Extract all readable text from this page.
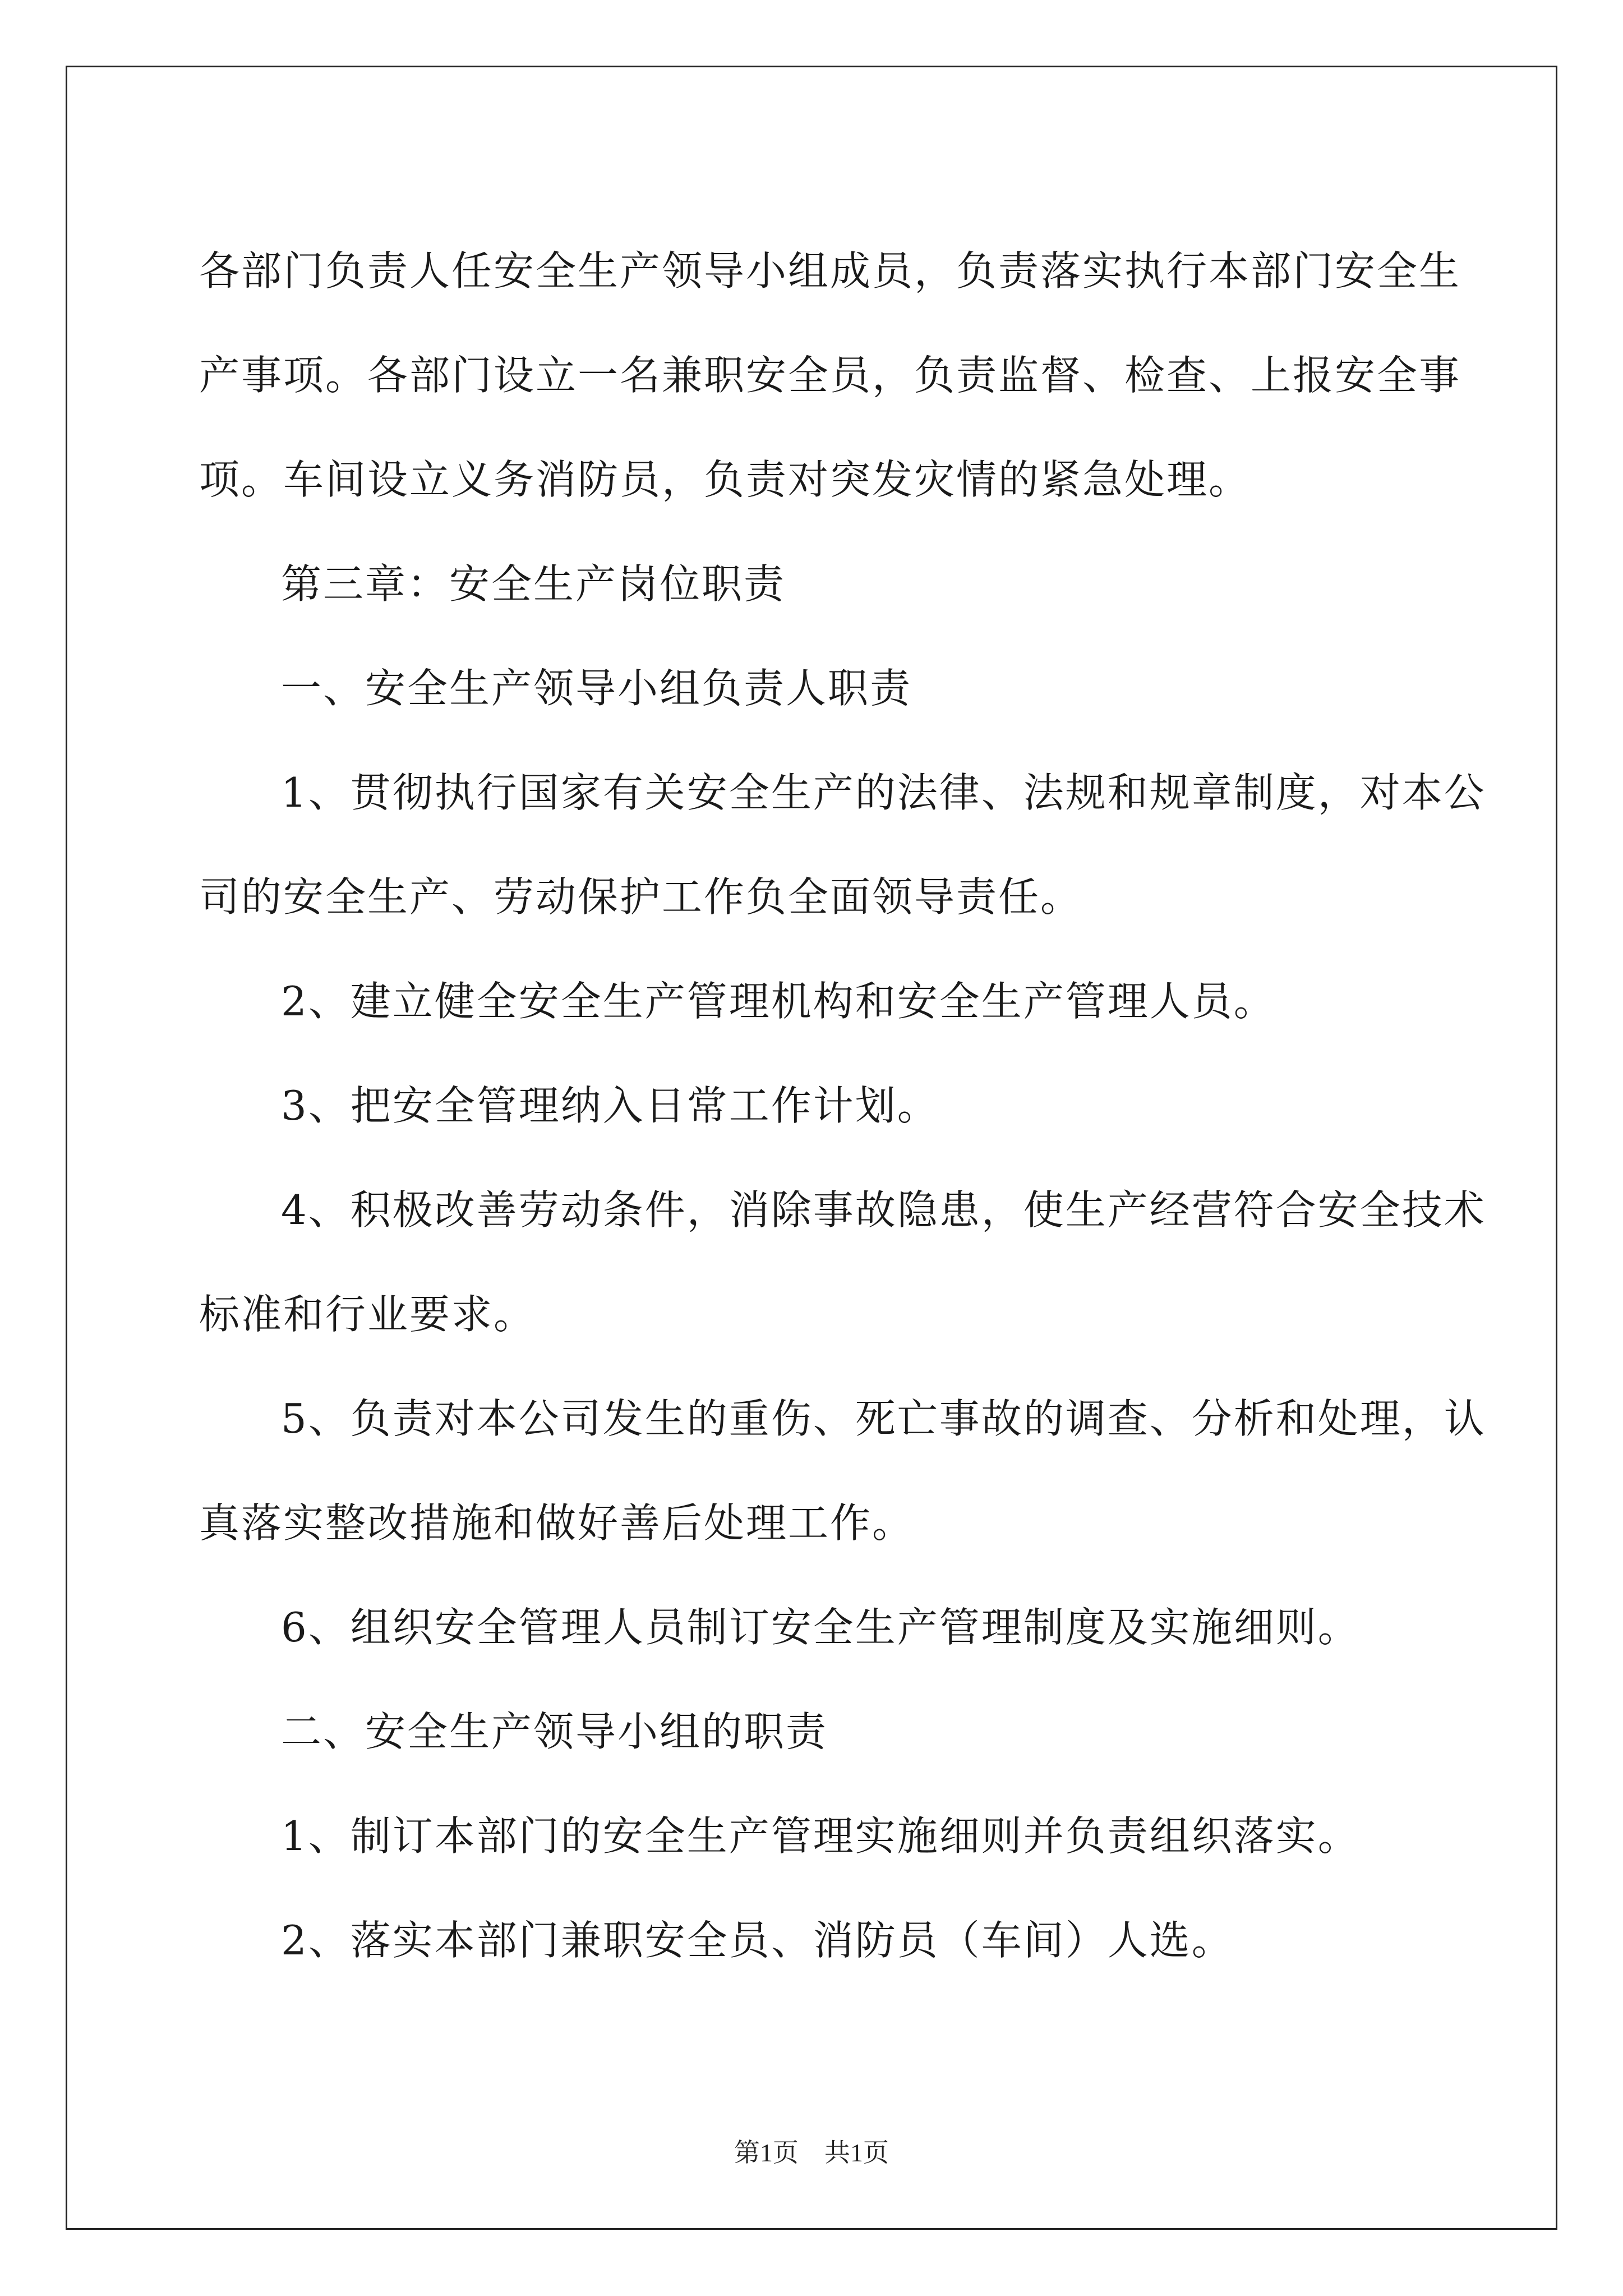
各部门负责人任安全生产领导小组成员，负责落实执行本部门安全生
产事项。各部门设立一名兼职安全员，负责监督、检查、上报安全事
项。车间设立义务消防员，负责对突发灾情的紧急处理。
第三章：安全生产岗位职责
一、安全生产领导小组负责人职责
1、贯彻执行国家有关安全生产的法律、法规和规章制度，对本公
司的安全生产、劳动保护工作负全面领导责任。
2、建立健全安全生产管理机构和安全生产管理人员。
3、把安全管理纳入日常工作计划。
4、积极改善劳动条件，消除事故隐患，使生产经营符合安全技术
标准和行业要求。
5、负责对本公司发生的重伤、死亡事故的调查、分析和处理，认
真落实整改措施和做好善后处理工作。
6、组织安全管理人员制订安全生产管理制度及实施细则。
二、安全生产领导小组的职责
1、制订本部门的安全生产管理实施细则并负责组织落实。
2、落实本部门兼职安全员、消防员（车间）人选。
第1页　共1页
